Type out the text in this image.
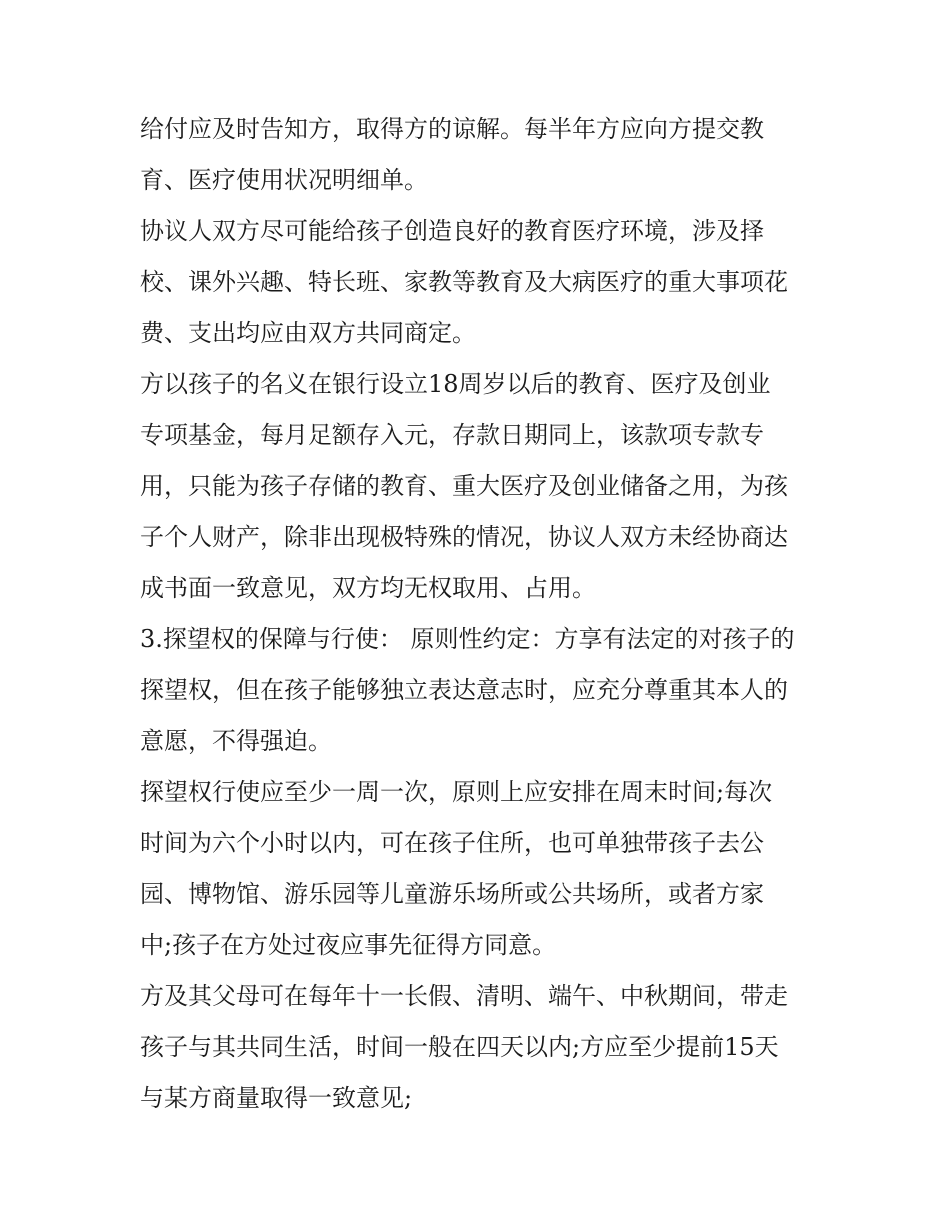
给付应及时告知方，取得方的谅解。每半年方应向方提交教
育、医疗使用状况明细单。
协议人双方尽可能给孩子创造良好的教育医疗环境，涉及择
校、课外兴趣、特长班、家教等教育及大病医疗的重大事项花
费、支出均应由双方共同商定。
方以孩子的名义在银行设立18周岁以后的教育、医疗及创业
专项基金，每月足额存入元，存款日期同上，该款项专款专
用，只能为孩子存储的教育、重大医疗及创业储备之用，为孩
子个人财产，除非出现极特殊的情况，协议人双方未经协商达
成书面一致意见，双方均无权取用、占用。
3.探望权的保障与行使： 原则性约定：方享有法定的对孩子的
探望权，但在孩子能够独立表达意志时，应充分尊重其本人的
意愿，不得强迫。
探望权行使应至少一周一次，原则上应安排在周末时间;每次
时间为六个小时以内，可在孩子住所，也可单独带孩子去公
园、博物馆、游乐园等儿童游乐场所或公共场所，或者方家
中;孩子在方处过夜应事先征得方同意。
方及其父母可在每年十一长假、清明、端午、中秋期间，带走
孩子与其共同生活，时间一般在四天以内;方应至少提前15天
与某方商量取得一致意见;
